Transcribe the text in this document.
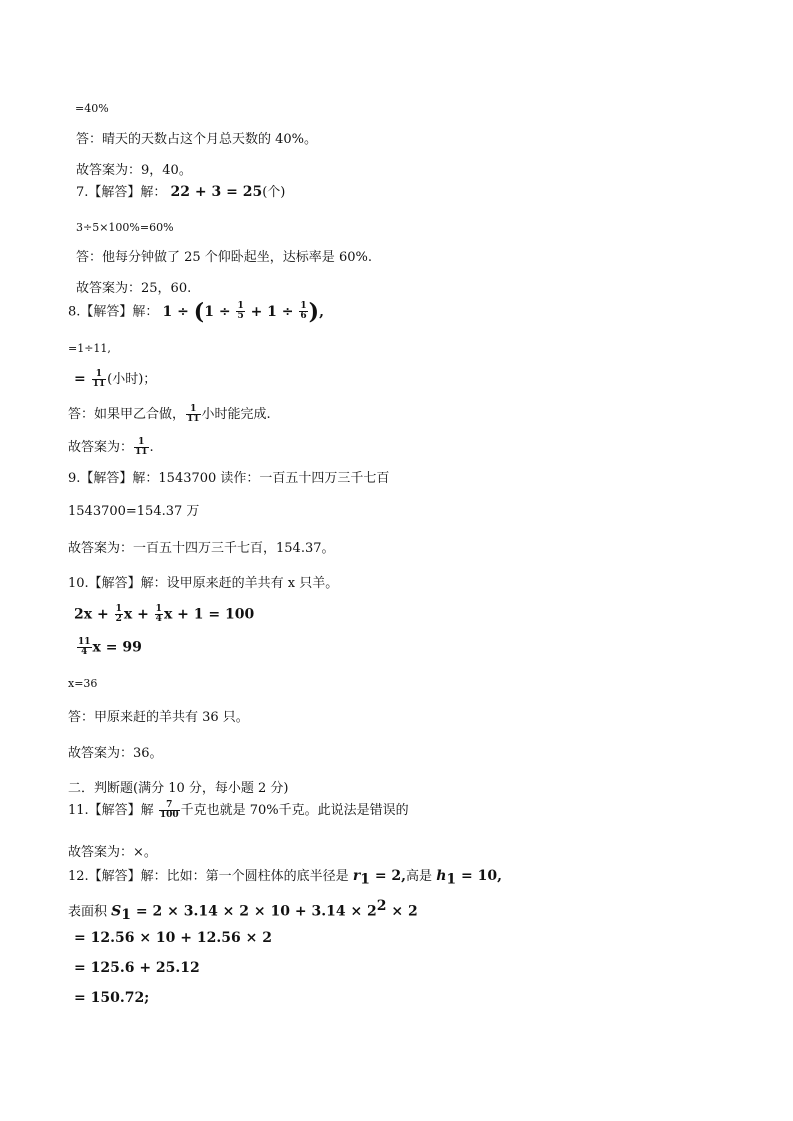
=40%
答：晴天的天数占这个月总天数的 40%。
故答案为：9，40。
7.【解答】解： 22 + 3 = 25(个)
3÷5×100%=60%
答：他每分钟做了 25 个仰卧起坐，达标率是 60%.
故答案为：25，60.
8.【解答】解： $1 \div (1 \div \frac{1}{5} + 1 \div \frac{1}{6}$ ),
=1÷11,
= $\frac{1}{11}$ (小时)；
答：如果甲乙合做， $\frac{1}{11}$ 小时能完成.
故答案为： $\frac{1}{11}$ .
9.【解答】解：1543700 读作：一百五十四万三千七百
1543700=154.37 万
故答案为：一百五十四万三千七百，154.37。
10.【解答】解：设甲原来赶的羊共有 x 只羊。
$2x + \frac{1}{2}$ $x + \frac{1}{4}$ x + 1 = 100
$\frac{11}{4}$ x = 99
x=36
答：甲原来赶的羊共有 36 只。
故答案为：36。
二．判断题(满分 10 分，每小题 2 分)
11.【解答】解 $\frac{7}{100}$ 千克也就是 70%千克。此说法是错误的
故答案为：×。
12.【解答】解：比如：第一个圆柱体的底半径是 $r_1 = 2$,高是 $h_1 = 10$,
表面积 $S_1 = 2 \times 3.14 \times 2 \times 10 + 3.14 \times 2^2 \times 2$
= 12.56 × 10 + 12.56 × 2
= 125.6 + 25.12
= 150.72;
